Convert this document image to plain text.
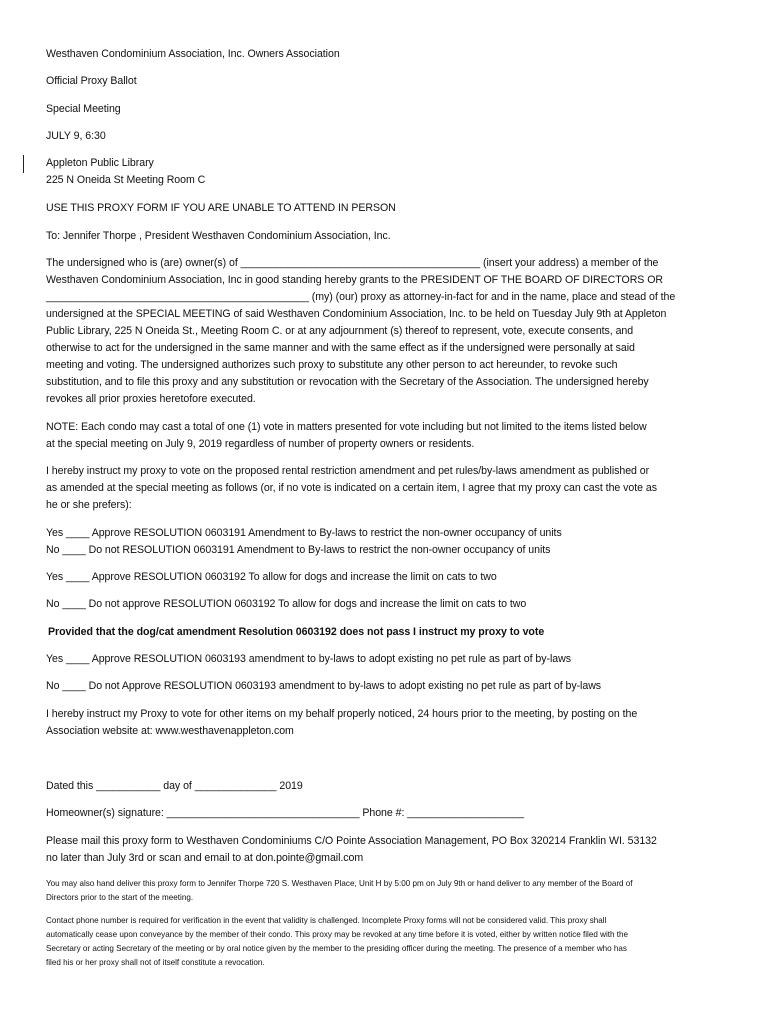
Westhaven Condominium Association, Inc. Owners Association
Official Proxy Ballot
Special Meeting
JULY 9, 6:30
Appleton Public Library
225 N Oneida St Meeting Room C
USE THIS PROXY FORM IF YOU ARE UNABLE TO ATTEND IN PERSON
To: Jennifer Thorpe , President Westhaven Condominium Association, Inc.
The undersigned who is (are) owner(s) of _________________________________________ (insert your address) a member of the
Westhaven Condominium Association, Inc in good standing hereby grants to the PRESIDENT OF THE BOARD OF DIRECTORS OR
_____________________________________________ (my) (our) proxy as attorney-in-fact for and in the name, place and stead of the
undersigned at the SPECIAL MEETING of said Westhaven Condominium Association, Inc. to be held on Tuesday July 9th at Appleton
Public Library, 225 N Oneida St., Meeting Room C. or at any adjournment (s) thereof to represent, vote, execute consents, and
otherwise to act for the undersigned in the same manner and with the same effect as if the undersigned were personally at said
meeting and voting. The undersigned authorizes such proxy to substitute any other person to act hereunder, to revoke such
substitution, and to file this proxy and any substitution or revocation with the Secretary of the Association. The undersigned hereby
revokes all prior proxies heretofore executed.
NOTE: Each condo may cast a total of one (1) vote in matters presented for vote including but not limited to the items listed below
at the special meeting on July 9, 2019 regardless of number of property owners or residents.
I hereby instruct my proxy to vote on the proposed rental restriction amendment and pet rules/by-laws amendment as published or
as amended at the special meeting as follows (or, if no vote is indicated on a certain item, I agree that my proxy can cast the vote as
he or she prefers):
Yes ____ Approve RESOLUTION 0603191 Amendment to By-laws to restrict the non-owner occupancy of units
No ____ Do not RESOLUTION 0603191 Amendment to By-laws to restrict the non-owner occupancy of units
Yes ____ Approve RESOLUTION 0603192 To allow for dogs and increase the limit on cats to two
No ____ Do not approve RESOLUTION 0603192 To allow for dogs and increase the limit on cats to two
Provided that the dog/cat amendment Resolution 0603192 does not pass I instruct my proxy to vote
Yes ____ Approve RESOLUTION 0603193 amendment to by-laws to adopt existing no pet rule as part of by-laws
No ____ Do not Approve RESOLUTION 0603193 amendment to by-laws to adopt existing no pet rule as part of by-laws
I hereby instruct my Proxy to vote for other items on my behalf properly noticed, 24 hours prior to the meeting, by posting on the
Association website at: www.westhavenappleton.com
Dated this ___________ day of ______________ 2019
Homeowner(s) signature: _________________________________ Phone #: ____________________
Please mail this proxy form to Westhaven Condominiums C/O Pointe Association Management, PO Box 320214 Franklin WI. 53132
no later than July 3rd or scan and email to at don.pointe@gmail.com
You may also hand deliver this proxy form to Jennifer Thorpe 720 S. Westhaven Place, Unit H by 5:00 pm on July 9th or hand deliver to any member of the Board of
Directors prior to the start of the meeting.
Contact phone number is required for verification in the event that validity is challenged. Incomplete Proxy forms will not be considered valid. This proxy shall
automatically cease upon conveyance by the member of their condo. This proxy may be revoked at any time before it is voted, either by written notice filed with the
Secretary or acting Secretary of the meeting or by oral notice given by the member to the presiding officer during the meeting. The presence of a member who has
filed his or her proxy shall not of itself constitute a revocation.
